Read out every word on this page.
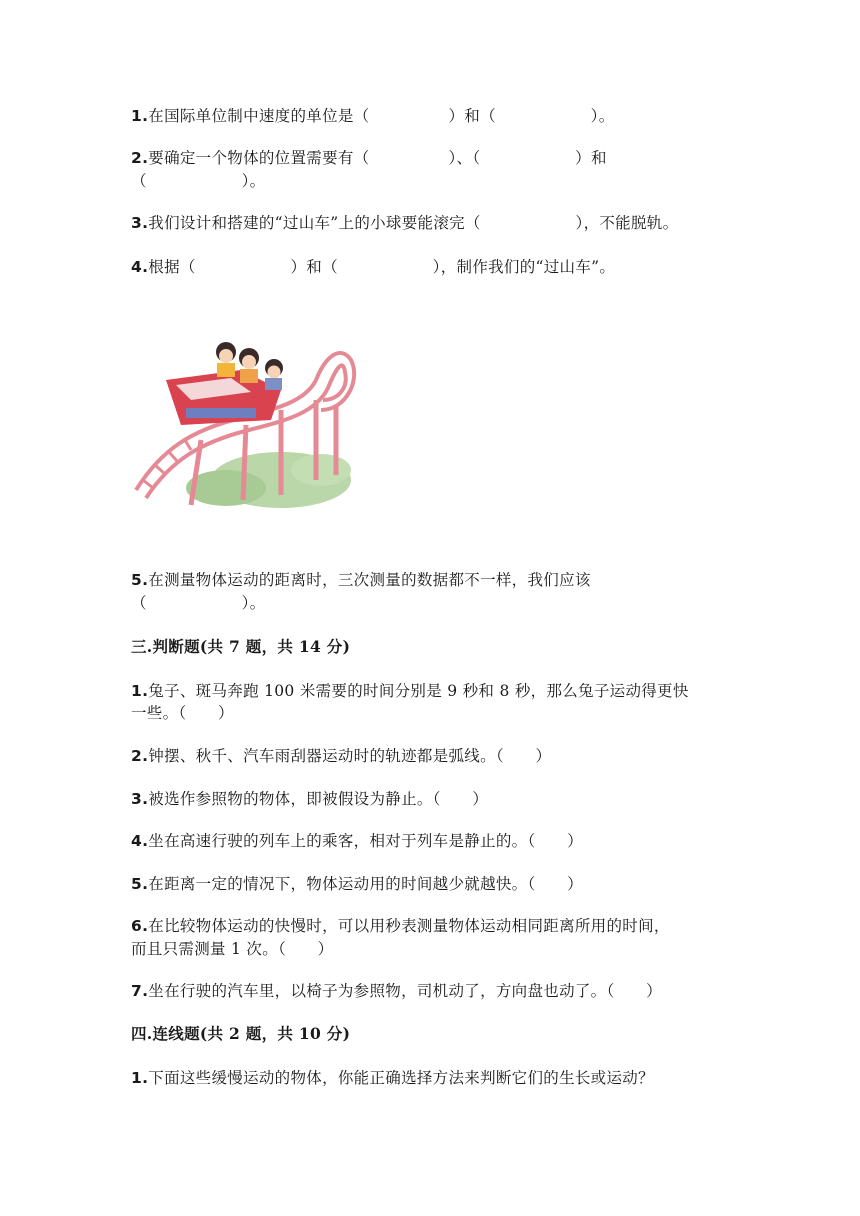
1.在国际单位制中速度的单位是（　　　　　）和（　　　　　　）。
2.要确定一个物体的位置需要有（　　　　　）、（　　　　　　）和
（　　　　　　）。
3.我们设计和搭建的“过山车”上的小球要能滚完（　　　　　　），不能脱轨。
4.根据（　　　　　　）和（　　　　　　），制作我们的“过山车”。
5.在测量物体运动的距离时，三次测量的数据都不一样，我们应该
（　　　　　　）。
三.判断题(共 7 题，共 14 分)
1.兔子、斑马奔跑 100 米需要的时间分别是 9 秒和 8 秒，那么兔子运动得更快
一些。（　　）
2.钟摆、秋千、汽车雨刮器运动时的轨迹都是弧线。（　　）
3.被选作参照物的物体，即被假设为静止。（　　）
4.坐在高速行驶的列车上的乘客，相对于列车是静止的。（　　）
5.在距离一定的情况下，物体运动用的时间越少就越快。（　　）
6.在比较物体运动的快慢时，可以用秒表测量物体运动相同距离所用的时间，
而且只需测量 1 次。（　　）
7.坐在行驶的汽车里，以椅子为参照物，司机动了，方向盘也动了。（　　）
四.连线题(共 2 题，共 10 分)
1.下面这些缓慢运动的物体，你能正确选择方法来判断它们的生长或运动？
